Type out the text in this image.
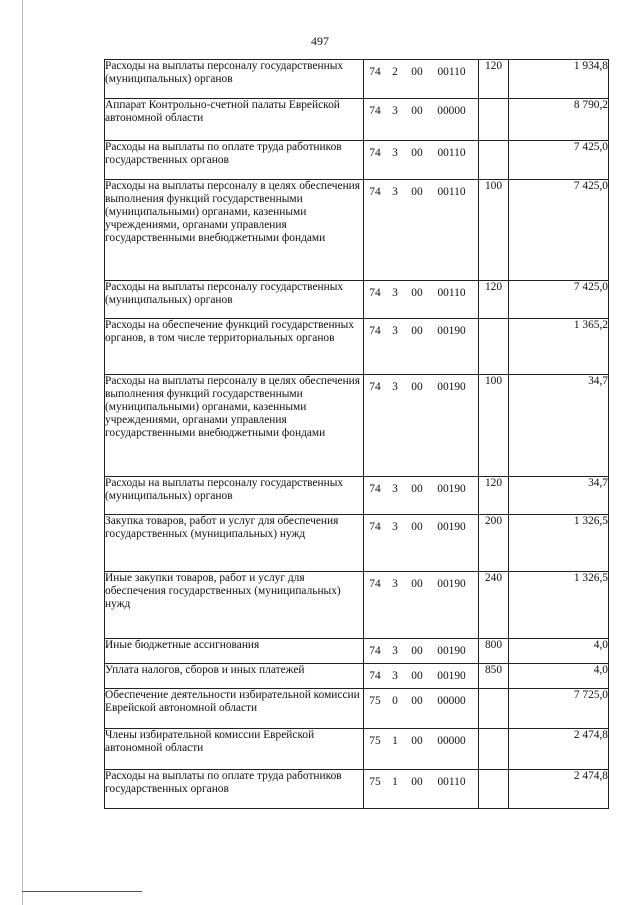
497
Расходы на выплаты персоналу государственных (муниципальных) органов	74 2 00 00110	120	1 934,8
Аппарат Контрольно-счетной палаты Еврейской автономной области	74 3 00 00000		8 790,2
Расходы на выплаты по оплате труда работников государственных органов	74 3 00 00110		7 425,0
Расходы на выплаты персоналу в целях обеспечения выполнения функций государственными (муниципальными) органами, казенными учреждениями, органами управления государственными внебюджетными фондами	74 3 00 00110	100	7 425,0
Расходы на выплаты персоналу государственных (муниципальных) органов	74 3 00 00110	120	7 425,0
Расходы на обеспечение функций государственных органов, в том числе территориальных органов	74 3 00 00190		1 365,2
Расходы на выплаты персоналу в целях обеспечения выполнения функций государственными (муниципальными) органами, казенными учреждениями, органами управления государственными внебюджетными фондами	74 3 00 00190	100	34,7
Расходы на выплаты персоналу государственных (муниципальных) органов	74 3 00 00190	120	34,7
Закупка товаров, работ и услуг для обеспечения государственных (муниципальных) нужд	74 3 00 00190	200	1 326,5
Иные закупки товаров, работ и услуг для обеспечения государственных (муниципальных) нужд	74 3 00 00190	240	1 326,5
Иные бюджетные ассигнования	74 3 00 00190	800	4,0
Уплата налогов, сборов и иных платежей	74 3 00 00190	850	4,0
Обеспечение деятельности избирательной комиссии Еврейской автономной области	75 0 00 00000		7 725,0
Члены избирательной комиссии Еврейской автономной области	75 1 00 00000		2 474,8
Расходы на выплаты по оплате труда работников государственных органов	75 1 00 00110		2 474,8
